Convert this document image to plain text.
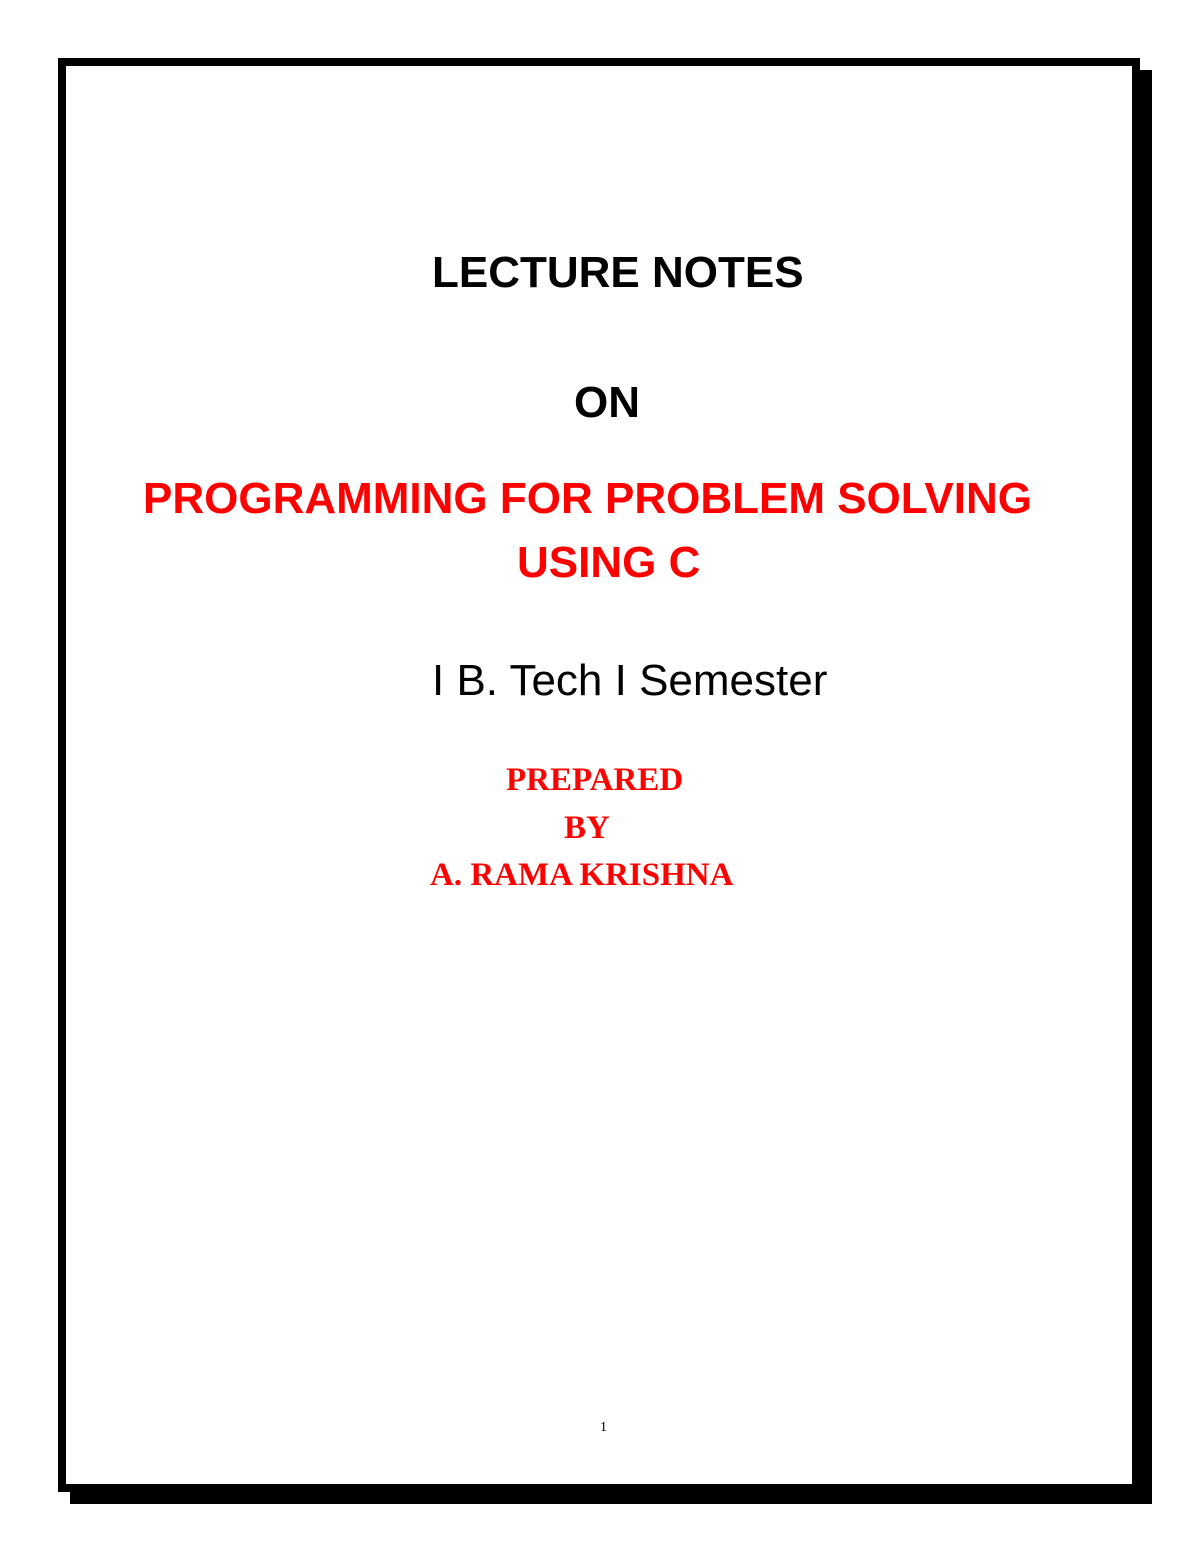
LECTURE NOTES
ON
PROGRAMMING FOR PROBLEM SOLVING
USING C
I B. Tech I Semester
PREPARED
BY
A. RAMA KRISHNA
1
